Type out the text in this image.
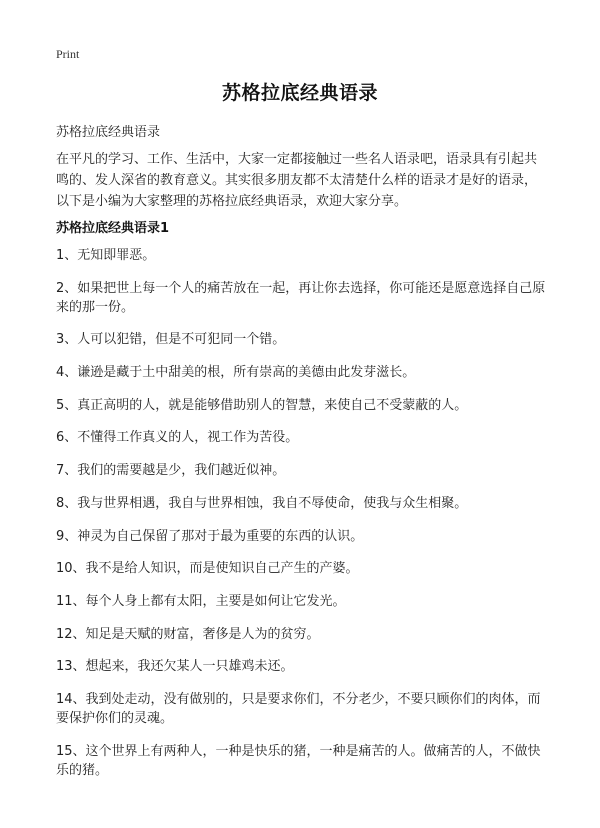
Print
苏格拉底经典语录
苏格拉底经典语录

在平凡的学习、工作、生活中，大家一定都接触过一些名人语录吧，语录具有引起共鸣的、发人深省的教育意义。其实很多朋友都不太清楚什么样的语录才是好的语录，以下是小编为大家整理的苏格拉底经典语录，欢迎大家分享。

苏格拉底经典语录1
1、无知即罪恶。
2、如果把世上每一个人的痛苦放在一起，再让你去选择，你可能还是愿意选择自己原来的那一份。
3、人可以犯错，但是不可犯同一个错。
4、谦逊是藏于土中甜美的根，所有崇高的美德由此发芽滋长。
5、真正高明的人，就是能够借助别人的智慧，来使自己不受蒙蔽的人。
6、不懂得工作真义的人，视工作为苦役。
7、我们的需要越是少，我们越近似神。
8、我与世界相遇，我自与世界相蚀，我自不辱使命，使我与众生相聚。
9、神灵为自己保留了那对于最为重要的东西的认识。
10、我不是给人知识，而是使知识自己产生的产婆。
11、每个人身上都有太阳，主要是如何让它发光。
12、知足是天赋的财富，奢侈是人为的贫穷。
13、想起来，我还欠某人一只雄鸡未还。
14、我到处走动，没有做别的，只是要求你们，不分老少，不要只顾你们的肉体，而要保护你们的灵魂。
15、这个世界上有两种人，一种是快乐的猪，一种是痛苦的人。做痛苦的人，不做快乐的猪。
